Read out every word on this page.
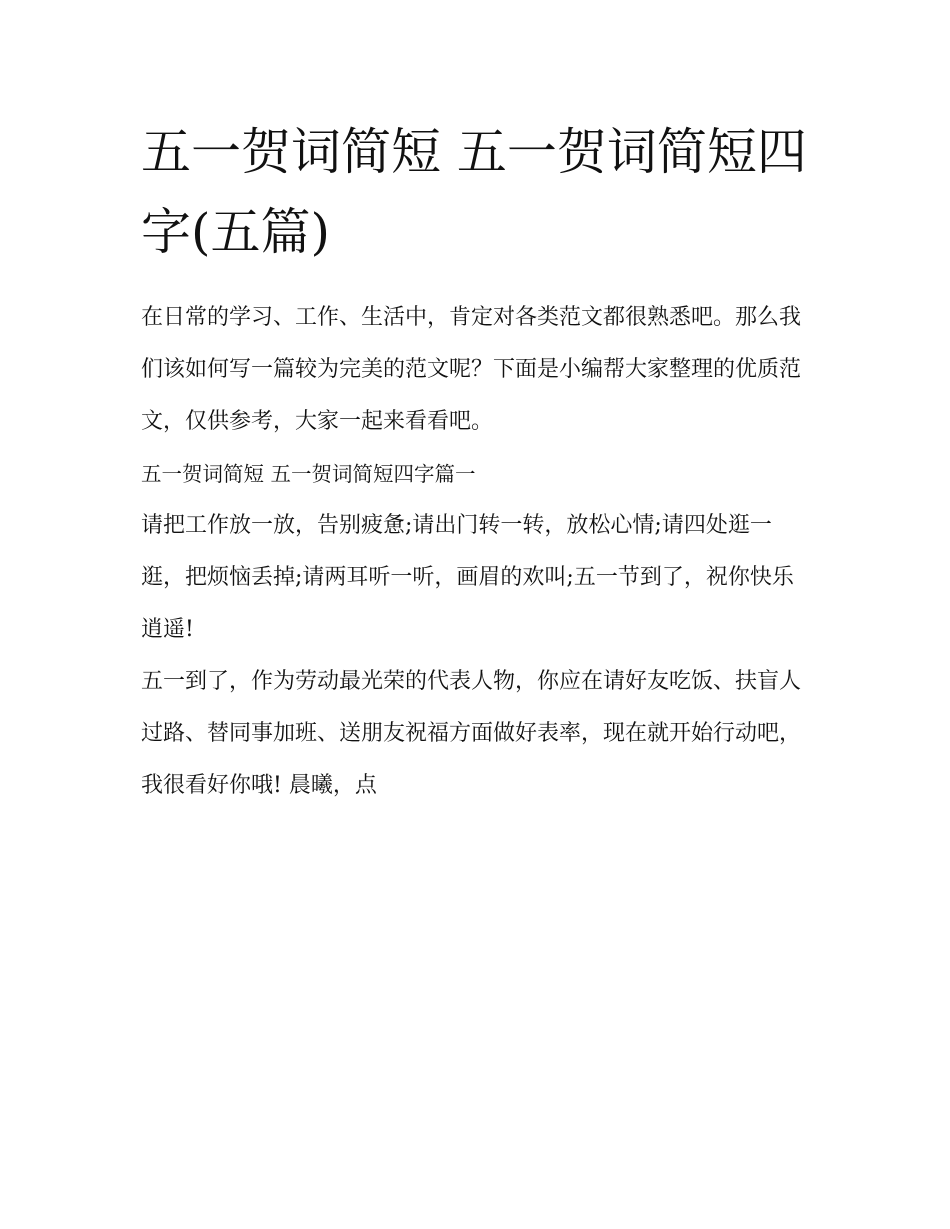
五一贺词简短 五一贺词简短四字(五篇)

在日常的学习、工作、生活中，肯定对各类范文都很熟悉吧。那么我们该如何写一篇较为完美的范文呢？下面是小编帮大家整理的优质范文，仅供参考，大家一起来看看吧。

五一贺词简短 五一贺词简短四字篇一

请把工作放一放，告别疲惫;请出门转一转，放松心情;请四处逛一逛，把烦恼丢掉;请两耳听一听，画眉的欢叫;五一节到了，祝你快乐逍遥!

五一到了，作为劳动最光荣的代表人物，你应在请好友吃饭、扶盲人过路、替同事加班、送朋友祝福方面做好表率，现在就开始行动吧，我很看好你哦! 晨曦，点
